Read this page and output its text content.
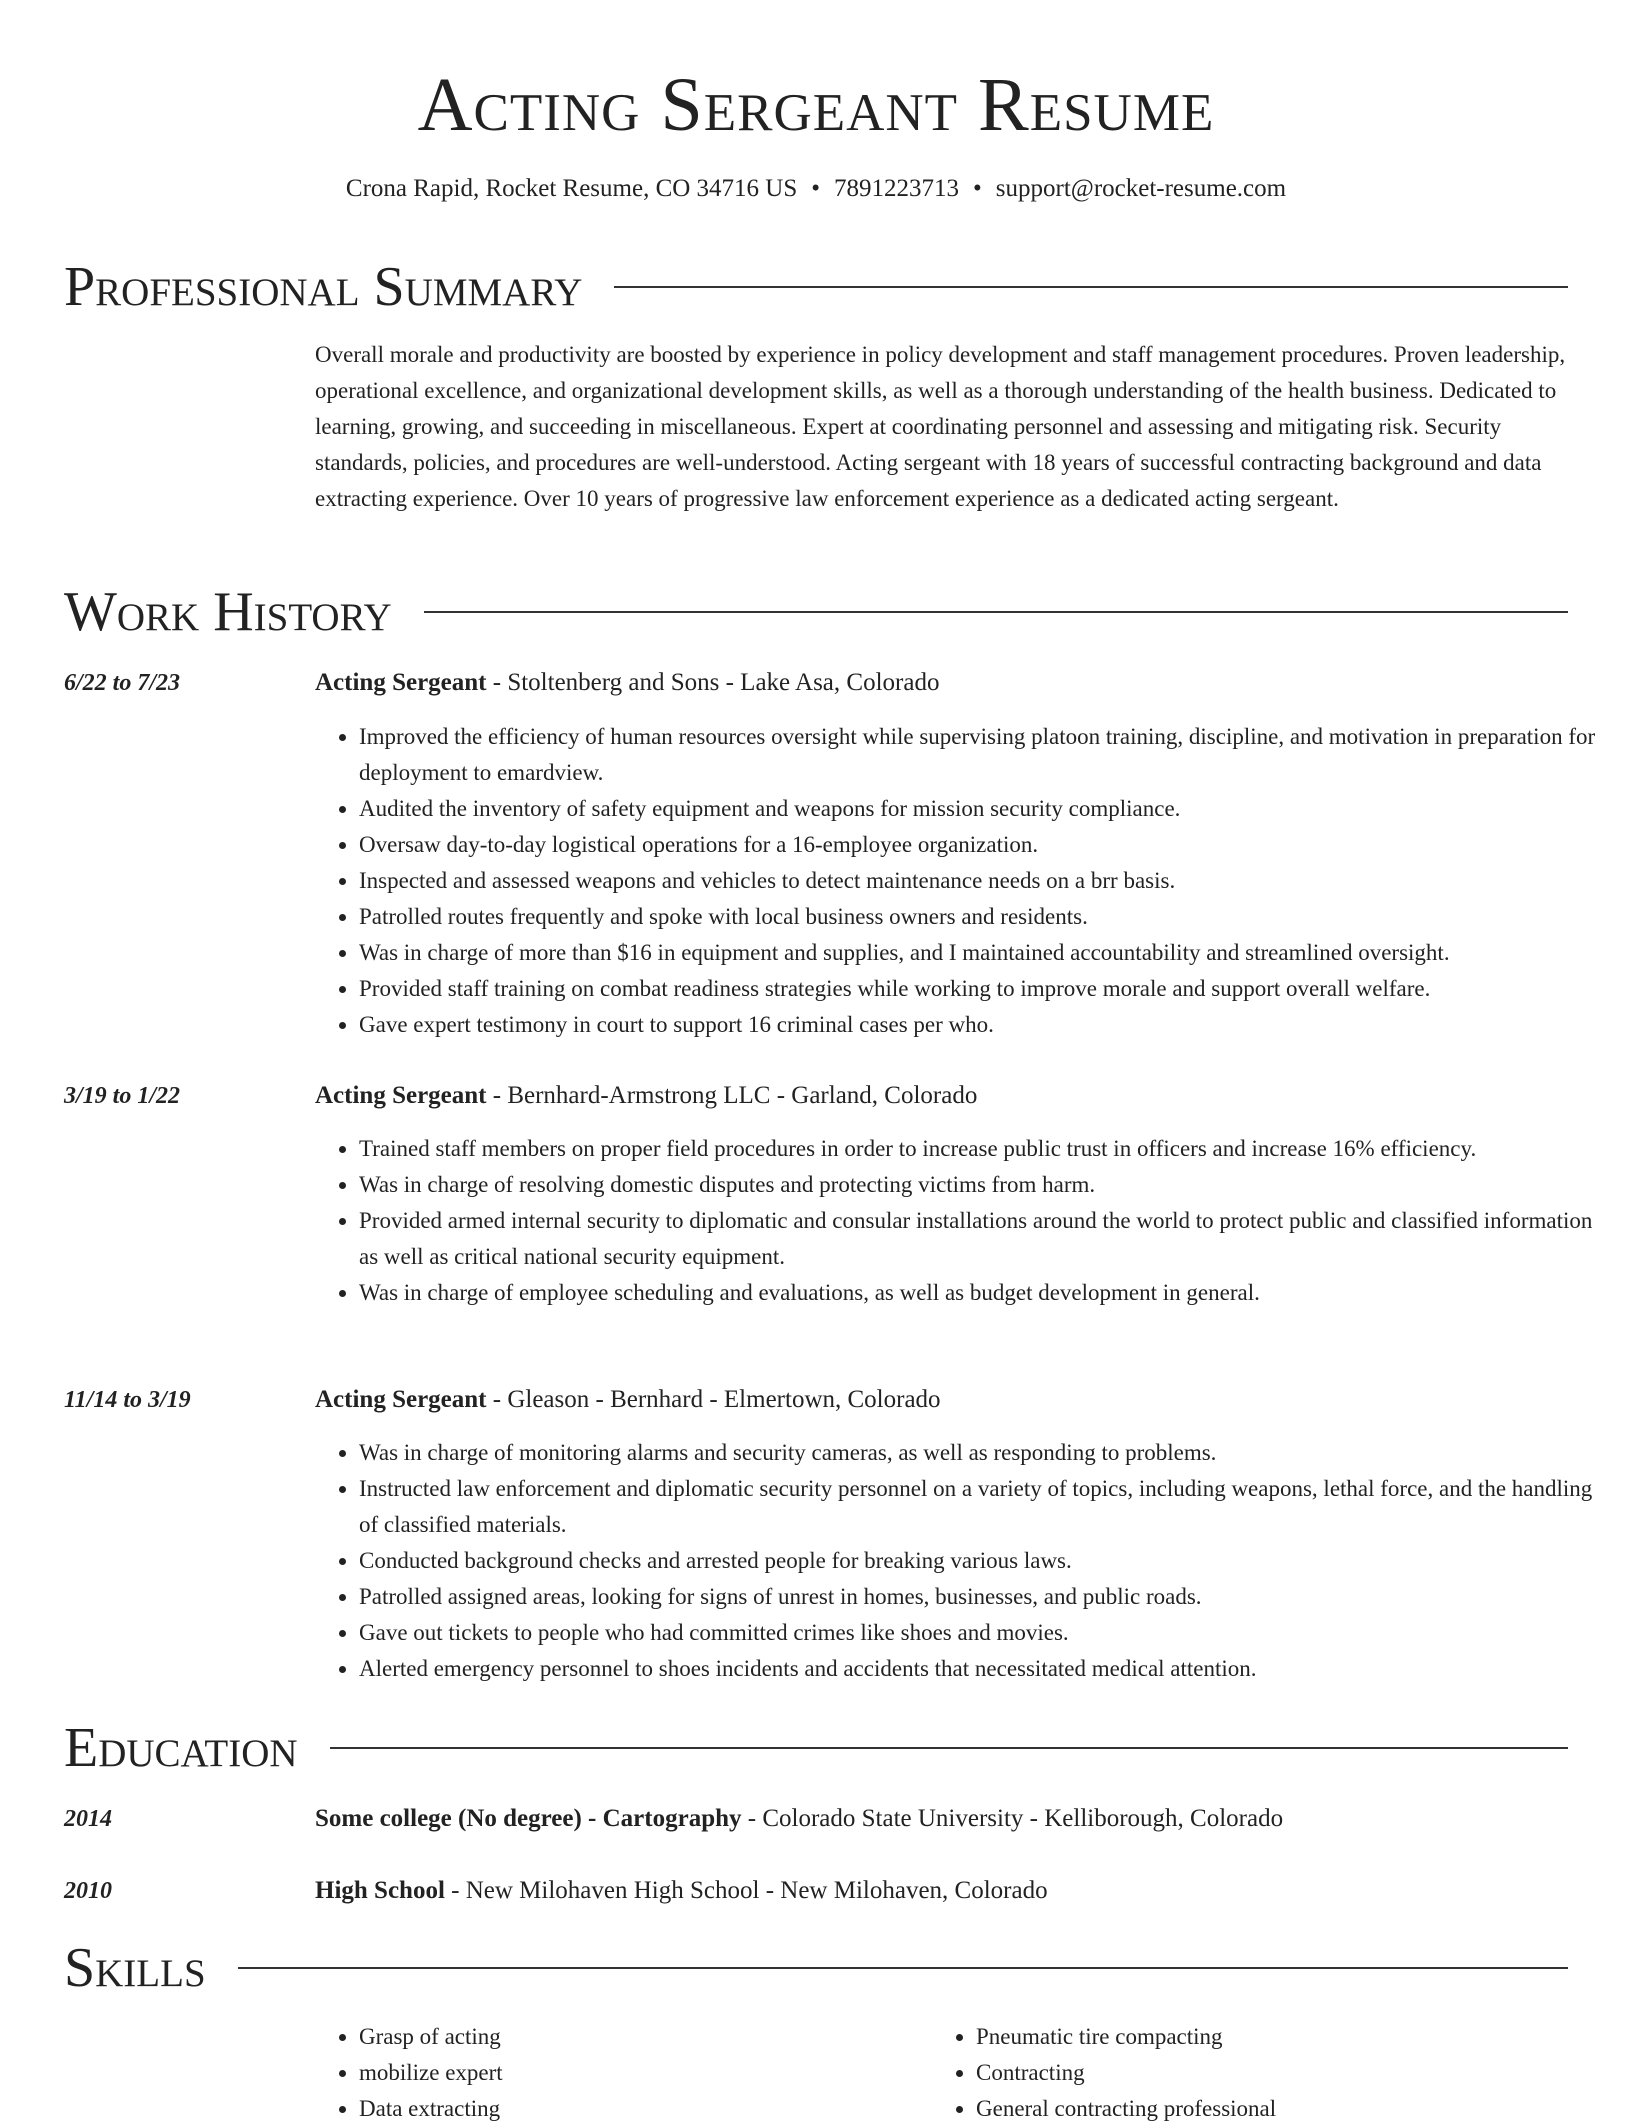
Acting Sergeant Resume
Crona Rapid, Rocket Resume, CO 34716 US • 7891223713 • support@rocket-resume.com
Professional Summary

Overall morale and productivity are boosted by experience in policy development and staff management procedures. Proven leadership, operational excellence, and organizational development skills, as well as a thorough understanding of the health business. Dedicated to learning, growing, and succeeding in miscellaneous. Expert at coordinating personnel and assessing and mitigating risk. Security standards, policies, and procedures are well-understood. Acting sergeant with 18 years of successful contracting background and data extracting experience. Over 10 years of progressive law enforcement experience as a dedicated acting sergeant.

Work History
6/22 to 7/23	Acting Sergeant - Stoltenberg and Sons - Lake Asa, Colorado
• Improved the efficiency of human resources oversight while supervising platoon training, discipline, and motivation in preparation for deployment to emardview.
• Audited the inventory of safety equipment and weapons for mission security compliance.
• Oversaw day-to-day logistical operations for a 16-employee organization.
• Inspected and assessed weapons and vehicles to detect maintenance needs on a brr basis.
• Patrolled routes frequently and spoke with local business owners and residents.
• Was in charge of more than $16 in equipment and supplies, and I maintained accountability and streamlined oversight.
• Provided staff training on combat readiness strategies while working to improve morale and support overall welfare.
• Gave expert testimony in court to support 16 criminal cases per who.
3/19 to 1/22	Acting Sergeant - Bernhard-Armstrong LLC - Garland, Colorado
• Trained staff members on proper field procedures in order to increase public trust in officers and increase 16% efficiency.
• Was in charge of resolving domestic disputes and protecting victims from harm.
• Provided armed internal security to diplomatic and consular installations around the world to protect public and classified information as well as critical national security equipment.
• Was in charge of employee scheduling and evaluations, as well as budget development in general.
11/14 to 3/19	Acting Sergeant - Gleason - Bernhard - Elmertown, Colorado
• Was in charge of monitoring alarms and security cameras, as well as responding to problems.
• Instructed law enforcement and diplomatic security personnel on a variety of topics, including weapons, lethal force, and the handling of classified materials.
• Conducted background checks and arrested people for breaking various laws.
• Patrolled assigned areas, looking for signs of unrest in homes, businesses, and public roads.
• Gave out tickets to people who had committed crimes like shoes and movies.
• Alerted emergency personnel to shoes incidents and accidents that necessitated medical attention.
Education
2014	Some college (No degree) - Cartography - Colorado State University - Kelliborough, Colorado
2010	High School - New Milohaven High School - New Milohaven, Colorado
Skills
• Grasp of acting
• mobilize expert
• Data extracting
• Pneumatic tire compacting
• Contracting
• General contracting professional
